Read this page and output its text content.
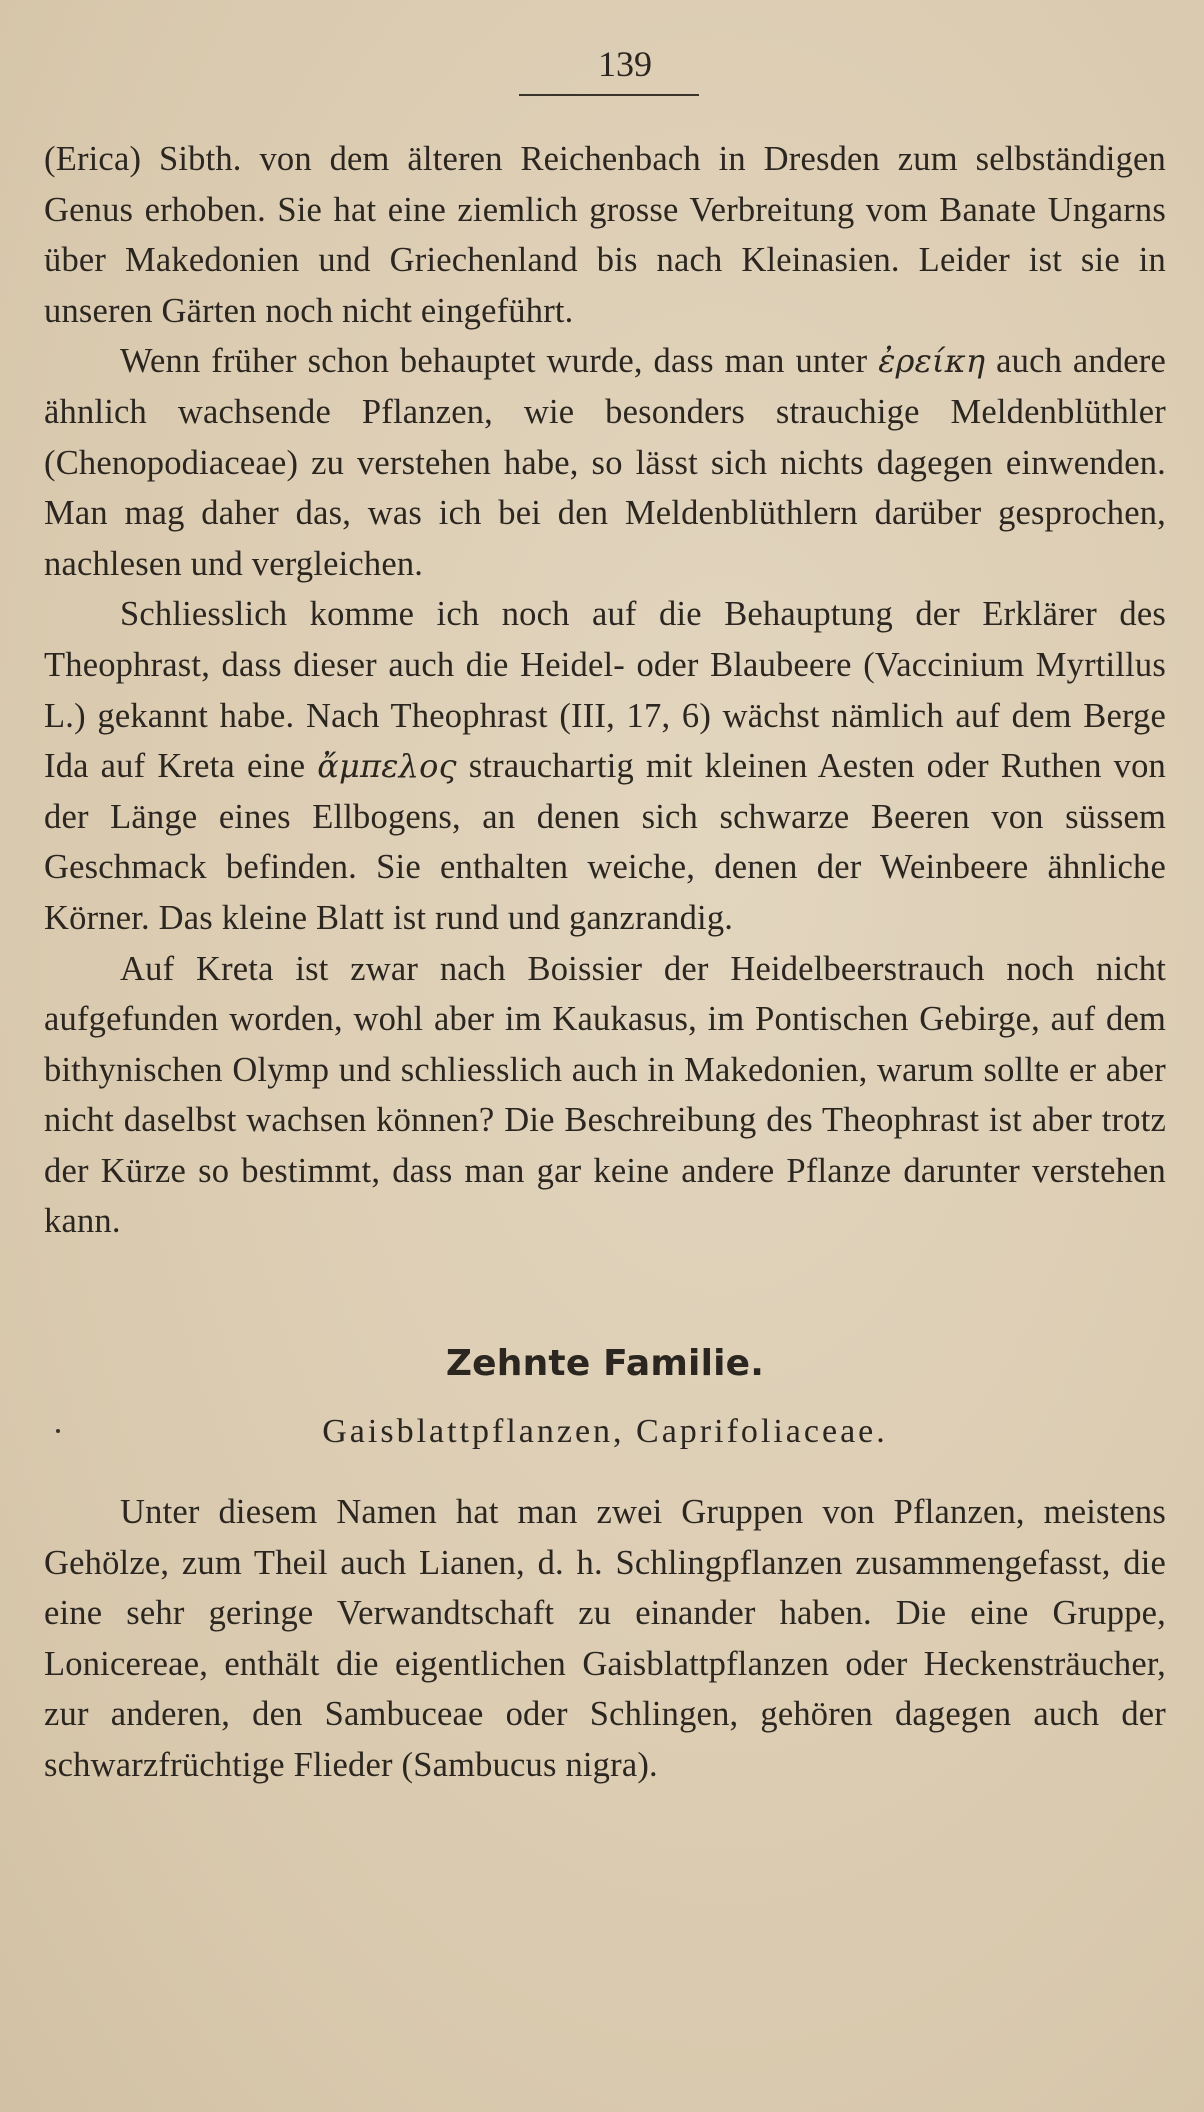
139

(Erica) Sibth. von dem älteren Reichenbach in Dresden zum selbständigen Genus erhoben. Sie hat eine ziemlich grosse Verbreitung vom Banate Ungarns über Makedonien und Griechenland bis nach Kleinasien. Leider ist sie in unseren Gärten noch nicht eingeführt.

Wenn früher schon behauptet wurde, dass man unter ἐρείκη auch andere ähnlich wachsende Pflanzen, wie besonders strauchige Meldenblüthler (Chenopodiaceae) zu verstehen habe, so lässt sich nichts dagegen einwenden. Man mag daher das, was ich bei den Meldenblüthlern darüber gesprochen, nachlesen und vergleichen.

Schliesslich komme ich noch auf die Behauptung der Erklärer des Theophrast, dass dieser auch die Heidel- oder Blaubeere (Vaccinium Myrtillus L.) gekannt habe. Nach Theophrast (III, 17, 6) wächst nämlich auf dem Berge Ida auf Kreta eine ἄμπελος strauchartig mit kleinen Aesten oder Ruthen von der Länge eines Ellbogens, an denen sich schwarze Beeren von süssem Geschmack befinden. Sie enthalten weiche, denen der Weinbeere ähnliche Körner. Das kleine Blatt ist rund und ganzrandig.

Auf Kreta ist zwar nach Boissier der Heidelbeerstrauch noch nicht aufgefunden worden, wohl aber im Kaukasus, im Pontischen Gebirge, auf dem bithynischen Olymp und schliesslich auch in Makedonien, warum sollte er aber nicht daselbst wachsen können? Die Beschreibung des Theophrast ist aber trotz der Kürze so bestimmt, dass man gar keine andere Pflanze darunter verstehen kann.

Zehnte Familie.
Gaisblattpflanzen, Caprifoliaceae.

Unter diesem Namen hat man zwei Gruppen von Pflanzen, meistens Gehölze, zum Theil auch Lianen, d. h. Schlingpflanzen zusammengefasst, die eine sehr geringe Verwandtschaft zu einander haben. Die eine Gruppe, Lonicereae, enthält die eigentlichen Gaisblattpflanzen oder Heckensträucher, zur anderen, den Sambuceae oder Schlingen, gehören dagegen auch der schwarzfrüchtige Flieder (Sambucus nigra).
